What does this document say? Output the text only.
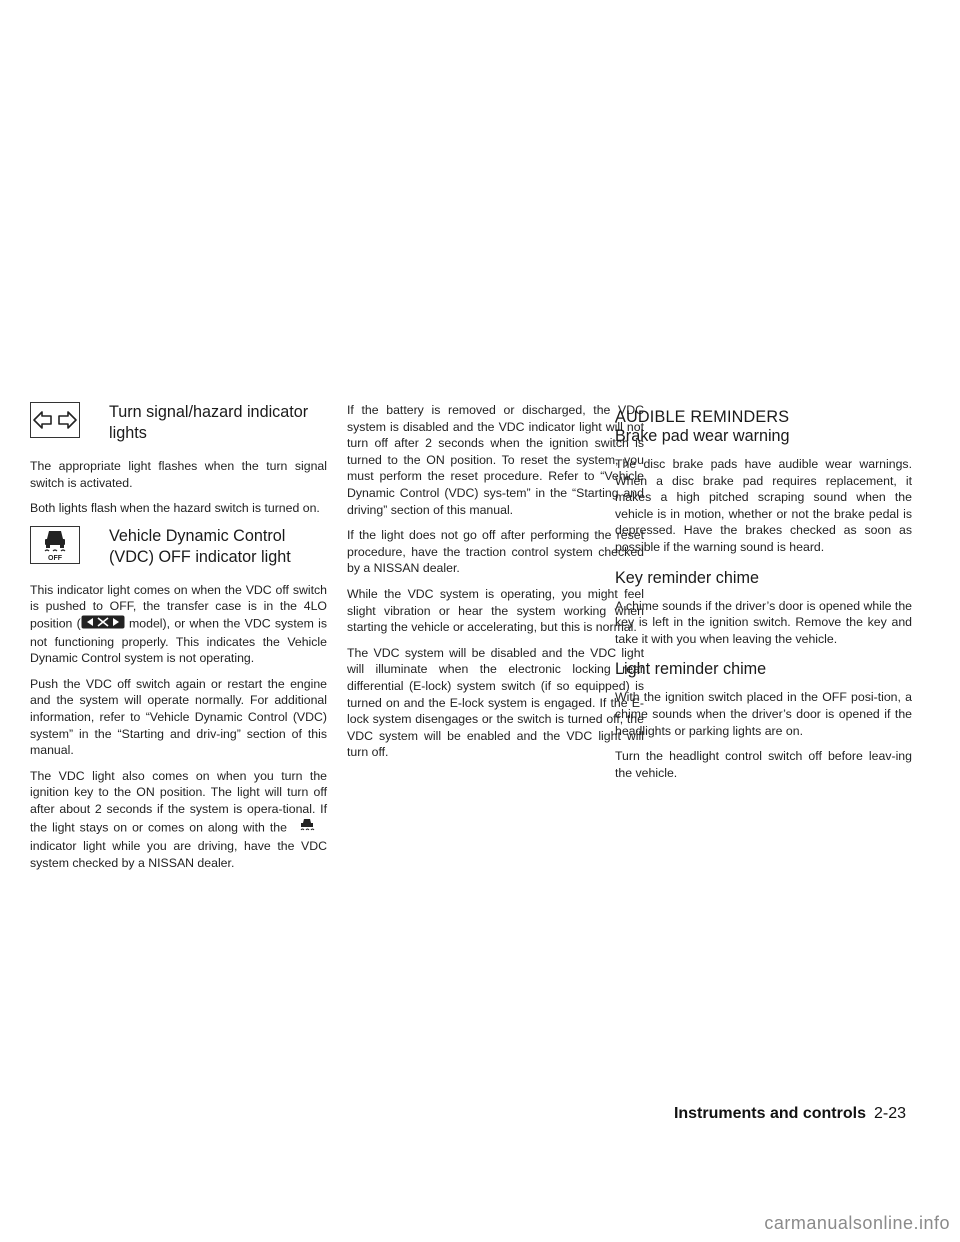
Turn signal/hazard indicator
lights

The appropriate light flashes when the turn signal switch is activated.

Both lights flash when the hazard switch is turned on.

OFF
Vehicle Dynamic Control
(VDC) OFF indicator light

This indicator light comes on when the VDC off switch is pushed to OFF, the transfer case is in the 4LO position (	model), or when the VDC system is not functioning properly. This indicates the Vehicle Dynamic Control system is not operating.

Push the VDC off switch again or restart the engine and the system will operate normally. For additional information, refer to “Vehicle Dynamic Control (VDC) system” in the “Starting and driv-ing” section of this manual.

The VDC light also comes on when you turn the ignition key to the ON position. The light will turn off after about 2 seconds if the system is opera-tional. If the light stays on or comes on along with the indicator light while you are driving, have the VDC system checked by a NISSAN dealer.

If the battery is removed or discharged, the VDC system is disabled and the VDC indicator light will not turn off after 2 seconds when the ignition switch is turned to the ON position. To reset the system, you must perform the reset procedure. Refer to “Vehicle Dynamic Control (VDC) sys-tem” in the “Starting and driving” section of this manual.

If the light does not go off after performing the reset procedure, have the traction control system checked by a NISSAN dealer.

While the VDC system is operating, you might feel slight vibration or hear the system working when starting the vehicle or accelerating, but this is normal.

The VDC system will be disabled and the VDC light will illuminate when the electronic locking rear differential (E-lock) system switch (if so equipped) is turned on and the E-lock system is engaged. If the E-lock system disengages or the switch is turned off, the VDC system will be enabled and the VDC light will turn off.

AUDIBLE REMINDERS
Brake pad wear warning

The disc brake pads have audible wear warnings. When a disc brake pad requires replacement, it makes a high pitched scraping sound when the vehicle is in motion, whether or not the brake pedal is depressed. Have the brakes checked as soon as possible if the warning sound is heard.

Key reminder chime

A chime sounds if the driver’s door is opened while the key is left in the ignition switch. Remove the key and take it with you when leaving the vehicle.

Light reminder chime

With the ignition switch placed in the OFF posi-tion, a chime sounds when the driver’s door is opened if the headlights or parking lights are on.

Turn the headlight control switch off before leav-ing the vehicle.

Instruments and controls 2-23
carmanualsonline.info
